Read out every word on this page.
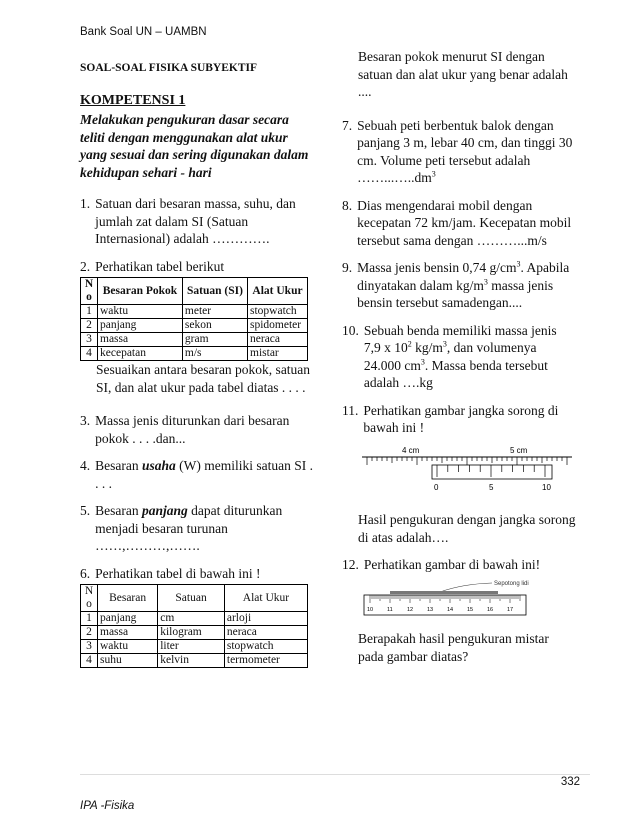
Bank Soal UN – UAMBN
SOAL-SOAL FISIKA SUBYEKTIF
KOMPETENSI 1
Melakukan pengukuran dasar secara teliti dengan menggunakan alat ukur yang sesuai dan sering digunakan dalam kehidupan sehari - hari
1. Satuan dari besaran massa, suhu, dan jumlah zat dalam SI (Satuan Internasional) adalah ………….
2. Perhatikan tabel berikut
N o	Besaran Pokok	Satuan (SI)	Alat Ukur
1	waktu	meter	stopwatch
2	panjang	sekon	spidometer
3	massa	gram	neraca
4	kecepatan	m/s	mistar
Sesuaikan antara besaran pokok, satuan SI, dan alat ukur pada tabel diatas . . . .
3. Massa jenis diturunkan dari besaran pokok . . . .dan...
4. Besaran usaha (W) memiliki satuan SI . . . .
5. Besaran panjang dapat diturunkan menjadi besaran turunan ……,………,…….
6. Perhatikan tabel di bawah ini !
N o	Besaran	Satuan	Alat Ukur
1	panjang	cm	arloji
2	massa	kilogram	neraca
3	waktu	liter	stopwatch
4	suhu	kelvin	termometer
Besaran pokok menurut SI dengan satuan dan alat ukur yang benar adalah ....
7. Sebuah peti berbentuk balok dengan panjang 3 m, lebar 40 cm, dan tinggi 30 cm. Volume peti tersebut adalah $\dots\dots...\dots..dm^3$
8. Dias mengendarai mobil dengan kecepatan 72 km/jam. Kecepatan mobil tersebut sama dengan ………...m/s
9. Massa jenis bensin 0,74 $g/cm^3$. Apabila dinyatakan dalam $kg/m^3$ massa jenis bensin tersebut samadengan....
10. Sebuah benda memiliki massa jenis 7,9 x $10^2$ $kg/m^3$, dan volumenya 24.000 $cm^3$. Massa benda tersebut adalah ….kg
11. Perhatikan gambar jangka sorong di bawah ini !
4 cm	5 cm
0	5	10
Hasil pengukuran dengan jangka sorong di atas adalah….
12. Perhatikan gambar di bawah ini!
Sepotong lidi
10	11	12	13	14	15	16	17
Berapakah hasil pengukuran mistar pada gambar diatas?
332
IPA -Fisika
